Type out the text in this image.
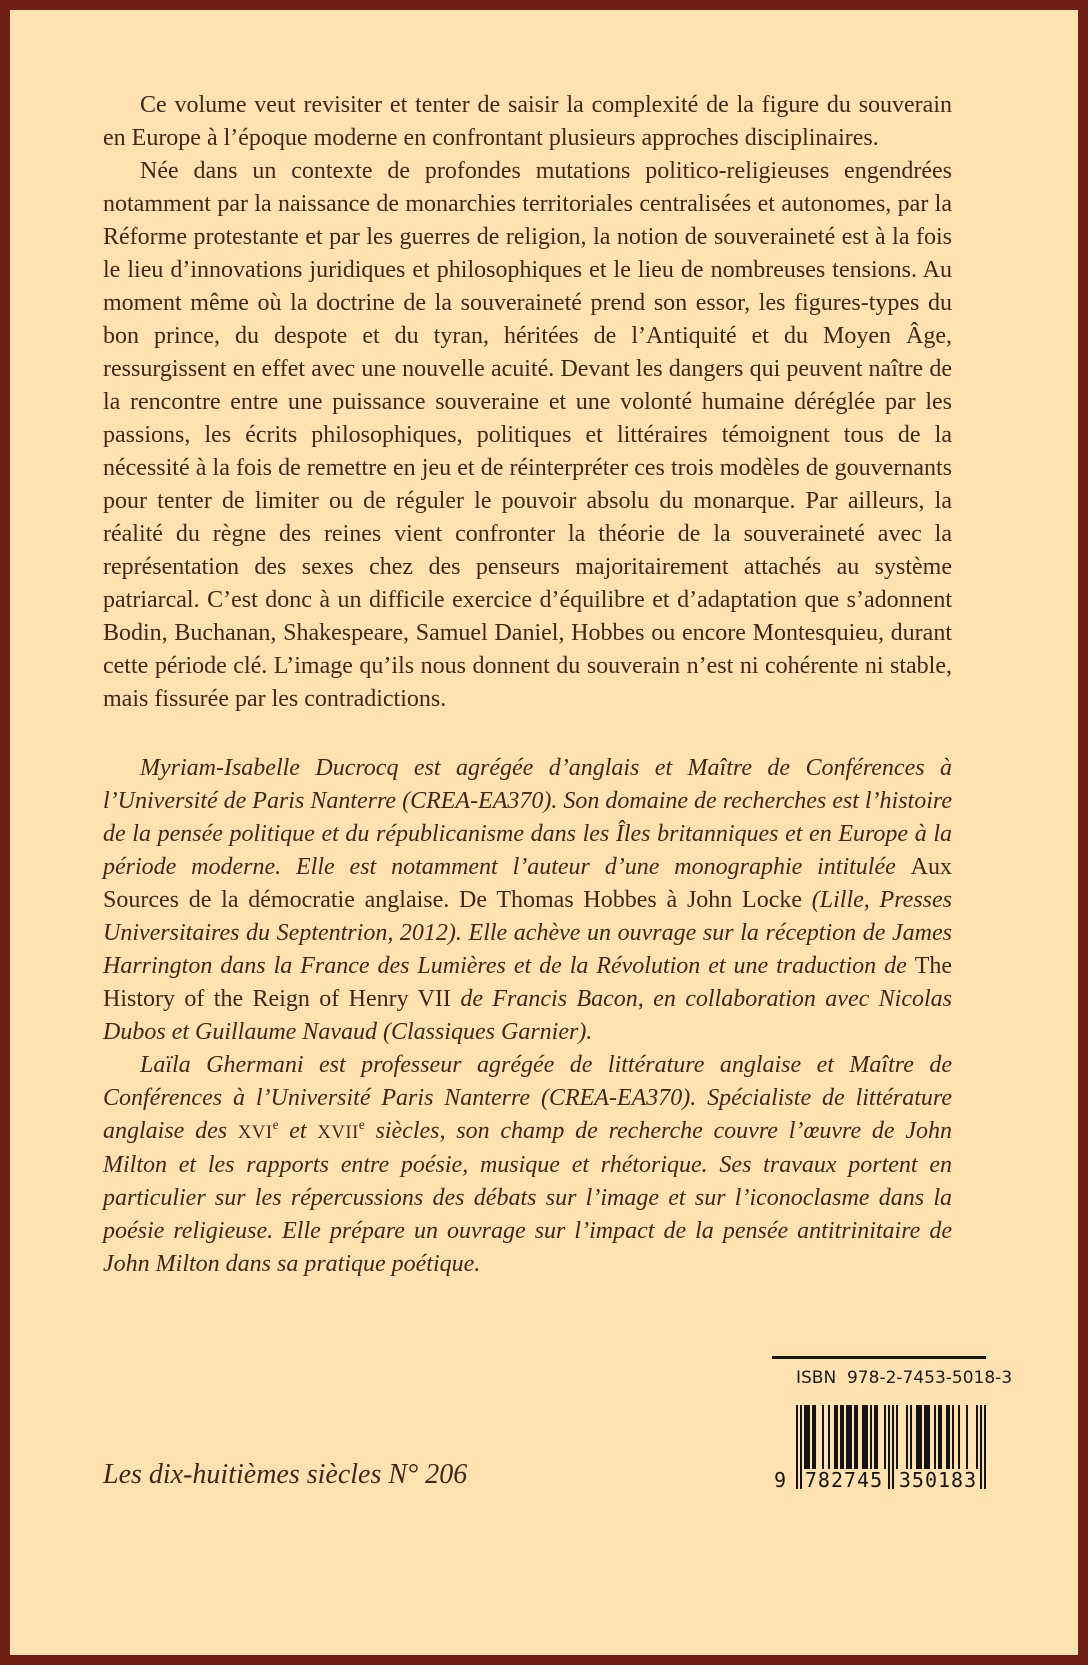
Ce volume veut revisiter et tenter de saisir la complexité de la figure du souverain en Europe à l’époque moderne en confrontant plusieurs approches disciplinaires.

Née dans un contexte de profondes mutations politico-religieuses engendrées notamment par la naissance de monarchies territoriales centralisées et autonomes, par la Réforme protestante et par les guerres de religion, la notion de souveraineté est à la fois le lieu d’innovations juridiques et philosophiques et le lieu de nombreuses tensions. Au moment même où la doctrine de la souveraineté prend son essor, les figures-types du bon prince, du despote et du tyran, héritées de l’Antiquité et du Moyen Âge, ressurgissent en effet avec une nouvelle acuité. Devant les dangers qui peuvent naître de la rencontre entre une puissance souveraine et une volonté humaine déréglée par les passions, les écrits philosophiques, politiques et littéraires témoignent tous de la nécessité à la fois de remettre en jeu et de réinterpréter ces trois modèles de gouvernants pour tenter de limiter ou de réguler le pouvoir absolu du monarque. Par ailleurs, la réalité du règne des reines vient confronter la théorie de la souveraineté avec la représentation des sexes chez des penseurs majoritairement attachés au système patriarcal. C’est donc à un difficile exercice d’équilibre et d’adaptation que s’adonnent Bodin, Buchanan, Shakespeare, Samuel Daniel, Hobbes ou encore Montesquieu, durant cette période clé. L’image qu’ils nous donnent du souverain n’est ni cohérente ni stable, mais fissurée par les contradictions.

Myriam-Isabelle Ducrocq est agrégée d’anglais et Maître de Conférences à l’Université de Paris Nanterre (CREA-EA370). Son domaine de recherches est l’histoire de la pensée politique et du républicanisme dans les Îles britanniques et en Europe à la période moderne. Elle est notamment l’auteur d’une monographie intitulée Aux Sources de la démocratie anglaise. De Thomas Hobbes à John Locke (Lille, Presses Universitaires du Septentrion, 2012). Elle achève un ouvrage sur la réception de James Harrington dans la France des Lumières et de la Révolution et une traduction de The History of the Reign of Henry VII de Francis Bacon, en collaboration avec Nicolas Dubos et Guillaume Navaud (Classiques Garnier).

Laïla Ghermani est professeur agrégée de littérature anglaise et Maître de Conférences à l’Université Paris Nanterre (CREA-EA370). Spécialiste de littérature anglaise des XVIe et XVIIe siècles, son champ de recherche couvre l’œuvre de John Milton et les rapports entre poésie, musique et rhétorique. Ses travaux portent en particulier sur les répercussions des débats sur l’image et sur l’iconoclasme dans la poésie religieuse. Elle prépare un ouvrage sur l’impact de la pensée antitrinitaire de John Milton dans sa pratique poétique.

ISBN  978-2-7453-5018-3
9 782745 350183
Les dix-huitièmes siècles N° 206
